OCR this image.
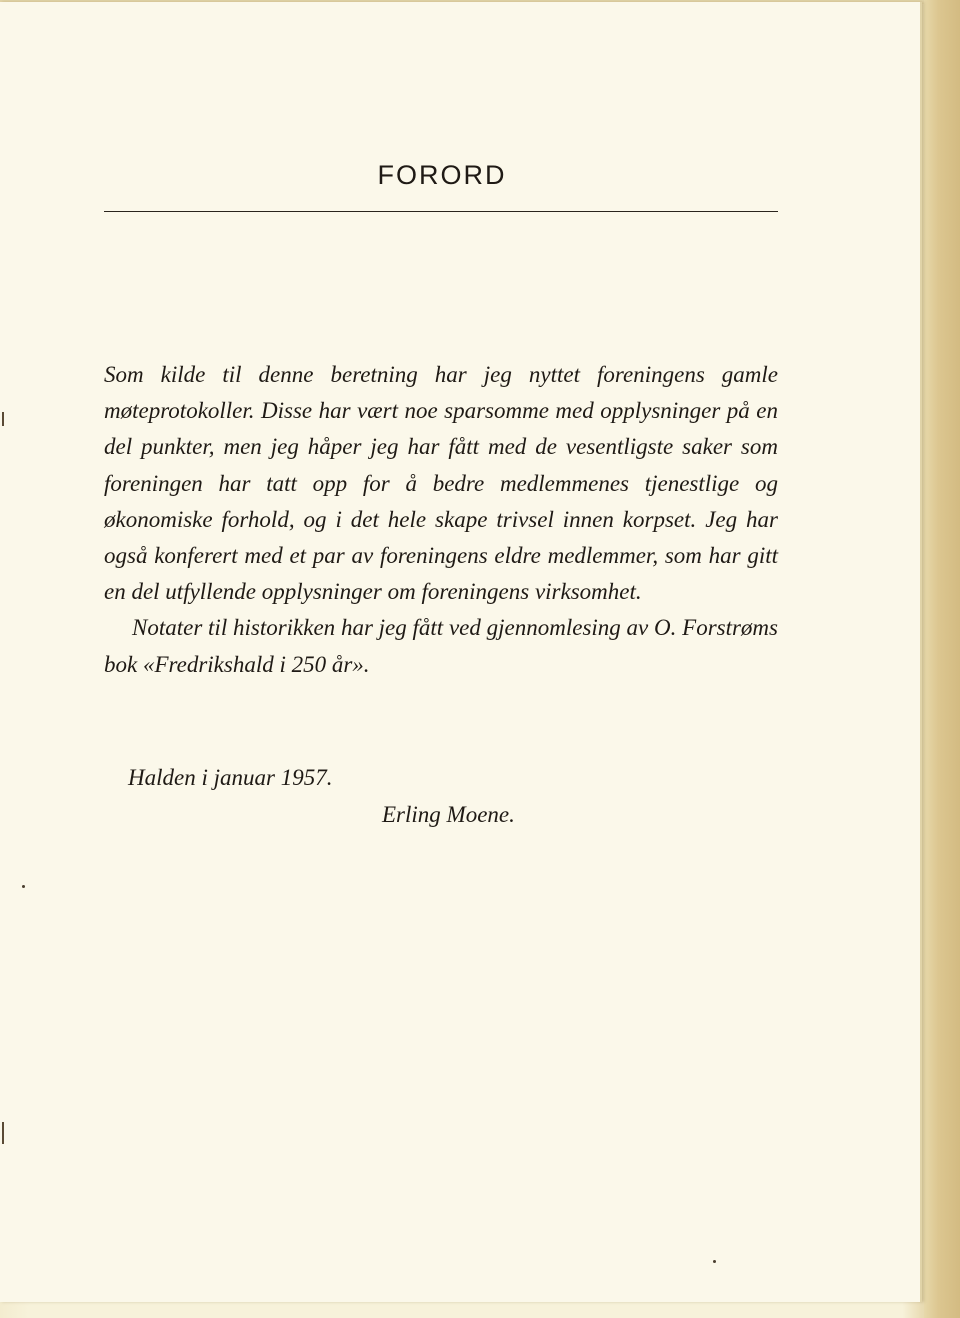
FORORD

Som kilde til denne beretning har jeg nyttet foreningens gamle møteprotokoller. Disse har vært noe sparsomme med opplysninger på en del punkter, men jeg håper jeg har fått med de vesentligste saker som foreningen har tatt opp for å bedre medlemmenes tjenestlige og økonomiske forhold, og i det hele skape trivsel innen korpset. Jeg har også konferert med et par av foreningens eldre medlemmer, som har gitt en del utfyllende opplysninger om foreningens virksomhet.

Notater til historikken har jeg fått ved gjennomlesing av O. Forstrøms bok «Fredrikshald i 250 år».

Halden i januar 1957.
Erling Moene.
